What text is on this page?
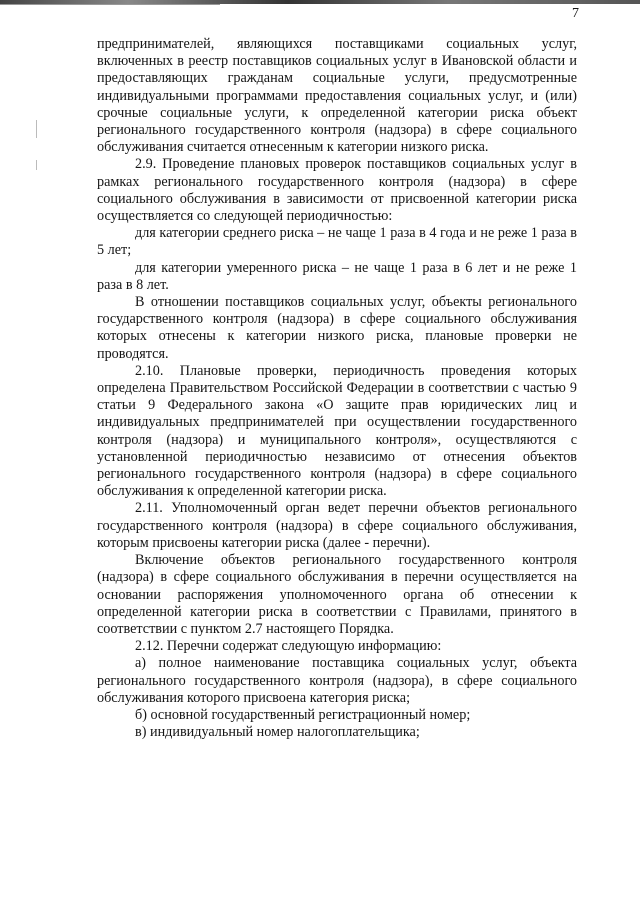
7

предпринимателей, являющихся поставщиками социальных услуг, включенных в реестр поставщиков социальных услуг в Ивановской области и предоставляющих гражданам социальные услуги, предусмотренные индивидуальными программами предоставления социальных услуг, и (или) срочные социальные услуги, к определенной категории риска объект регионального государственного контроля (надзора) в сфере социального обслуживания считается отнесенным к категории низкого риска.

2.9. Проведение плановых проверок поставщиков социальных услуг в рамках регионального государственного контроля (надзора) в сфере социального обслуживания в зависимости от присвоенной категории риска осуществляется со следующей периодичностью:

для категории среднего риска – не чаще 1 раза в 4 года и не реже 1 раза в 5 лет;

для категории умеренного риска – не чаще 1 раза в 6 лет и не реже 1 раза в 8 лет.

В отношении поставщиков социальных услуг, объекты регионального государственного контроля (надзора) в сфере социального обслуживания которых отнесены к категории низкого риска, плановые проверки не проводятся.

2.10. Плановые проверки, периодичность проведения которых определена Правительством Российской Федерации в соответствии с частью 9 статьи 9 Федерального закона «О защите прав юридических лиц и индивидуальных предпринимателей при осуществлении государственного контроля (надзора) и муниципального контроля», осуществляются с установленной периодичностью независимо от отнесения объектов регионального государственного контроля (надзора) в сфере социального обслуживания к определенной категории риска.

2.11. Уполномоченный орган ведет перечни объектов регионального государственного контроля (надзора) в сфере социального обслуживания, которым присвоены категории риска (далее - перечни).

Включение объектов регионального государственного контроля (надзора) в сфере социального обслуживания в перечни осуществляется на основании распоряжения уполномоченного органа об отнесении к определенной категории риска в соответствии с Правилами, принятого в соответствии с пунктом 2.7 настоящего Порядка.

2.12. Перечни содержат следующую информацию:

а) полное наименование поставщика социальных услуг, объекта регионального государственного контроля (надзора), в сфере социального обслуживания которого присвоена категория риска;

б) основной государственный регистрационный номер;

в) индивидуальный номер налогоплательщика;
